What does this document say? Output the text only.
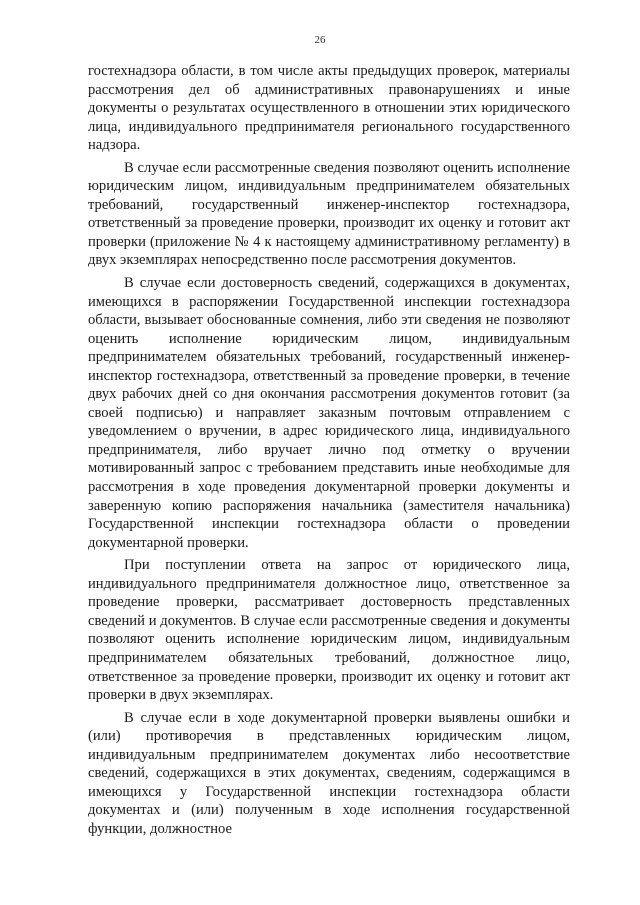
26

гостехнадзора области, в том числе акты предыдущих проверок, материалы рассмотрения дел об административных правонарушениях и иные документы о результатах осуществленного в отношении этих юридического лица, индивидуального предпринимателя регионального государственного надзора.

В случае если рассмотренные сведения позволяют оценить исполнение юридическим лицом, индивидуальным предпринимателем обязательных требований, государственный инженер-инспектор гостехнадзора, ответственный за проведение проверки, производит их оценку и готовит акт проверки (приложение № 4 к настоящему административному регламенту) в двух экземплярах непосредственно после рассмотрения документов.

В случае если достоверность сведений, содержащихся в документах, имеющихся в распоряжении Государственной инспекции гостехнадзора области, вызывает обоснованные сомнения, либо эти сведения не позволяют оценить исполнение юридическим лицом, индивидуальным предпринимателем обязательных требований, государственный инженер-инспектор гостехнадзора, ответственный за проведение проверки, в течение двух рабочих дней со дня окончания рассмотрения документов готовит (за своей подписью) и направляет заказным почтовым отправлением с уведомлением о вручении, в адрес юридического лица, индивидуального предпринимателя, либо вручает лично под отметку о вручении мотивированный запрос с требованием представить иные необходимые для рассмотрения в ходе проведения документарной проверки документы и заверенную копию распоряжения начальника (заместителя начальника) Государственной инспекции гостехнадзора области о проведении документарной проверки.

При поступлении ответа на запрос от юридического лица, индивидуального предпринимателя должностное лицо, ответственное за проведение проверки, рассматривает достоверность представленных сведений и документов. В случае если рассмотренные сведения и документы позволяют оценить исполнение юридическим лицом, индивидуальным предпринимателем обязательных требований, должностное лицо, ответственное за проведение проверки, производит их оценку и готовит акт проверки в двух экземплярах.

В случае если в ходе документарной проверки выявлены ошибки и (или) противоречия в представленных юридическим лицом, индивидуальным предпринимателем документах либо несоответствие сведений, содержащихся в этих документах, сведениям, содержащимся в имеющихся у Государственной инспекции гостехнадзора области документах и (или) полученным в ходе исполнения государственной функции, должностное
